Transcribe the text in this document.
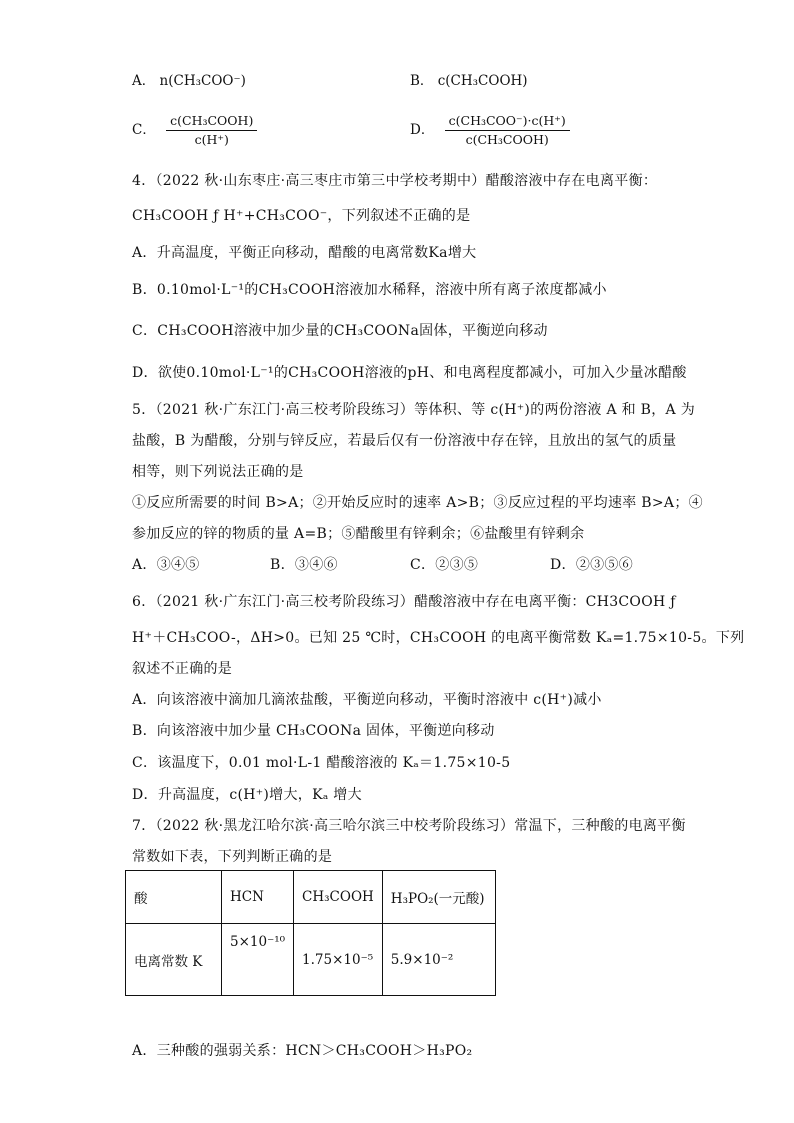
A． n(CH₃COO⁻)	B． c(CH₃COOH)
C． $\frac{\text{c(CH₃COOH)}}{c(H^+)}$	D． $\frac{\text{c(CH₃COO⁻)·c(H⁺)}}{\text{c(CH₃COOH)}}$
4．（2022 秋·山东枣庄·高三枣庄市第三中学校考期中）醋酸溶液中存在电离平衡：
CH₃COOH ƒ H⁺+CH₃COO⁻，下列叙述不正确的是
A．升高温度，平衡正向移动，醋酸的电离常数Ka增大
B．0.10mol·L⁻¹的CH₃COOH溶液加水稀释，溶液中所有离子浓度都减小
C．CH₃COOH溶液中加少量的CH₃COONa固体，平衡逆向移动
D．欲使0.10mol·L⁻¹的CH₃COOH溶液的pH、和电离程度都减小，可加入少量冰醋酸
5．（2021 秋·广东江门·高三校考阶段练习）等体积、等 c(H⁺)的两份溶液 A 和 B，A 为
盐酸，B 为醋酸，分别与锌反应，若最后仅有一份溶液中存在锌，且放出的氢气的质量
相等，则下列说法正确的是
①反应所需要的时间 B>A；②开始反应时的速率 A>B；③反应过程的平均速率 B>A；④
参加反应的锌的物质的量 A=B；⑤醋酸里有锌剩余；⑥盐酸里有锌剩余
A．③④⑤	B．③④⑥	C．②③⑤	D．②③⑤⑥
6．（2021 秋·广东江门·高三校考阶段练习）醋酸溶液中存在电离平衡：CH3COOH ƒ
H⁺＋CH₃COO-，ΔH>0。已知 25 ℃时，CH₃COOH 的电离平衡常数 Kₐ=1.75×10-5。下列
叙述不正确的是
A．向该溶液中滴加几滴浓盐酸，平衡逆向移动，平衡时溶液中 c(H⁺)减小
B．向该溶液中加少量 CH₃COONa 固体，平衡逆向移动
C．该温度下，0.01 mol·L-1 醋酸溶液的 Kₐ＝1.75×10-5
D．升高温度，c(H⁺)增大，Kₐ 增大
7．（2022 秋·黑龙江哈尔滨·高三哈尔滨三中校考阶段练习）常温下，三种酸的电离平衡
常数如下表，下列判断正确的是
酸	HCN	CH₃COOH	H₃PO₂(一元酸)
电离常数 K	5×10⁻¹⁰	1.75×10⁻⁵	5.9×10⁻²
A．三种酸的强弱关系：HCN＞CH₃COOH＞H₃PO₂
